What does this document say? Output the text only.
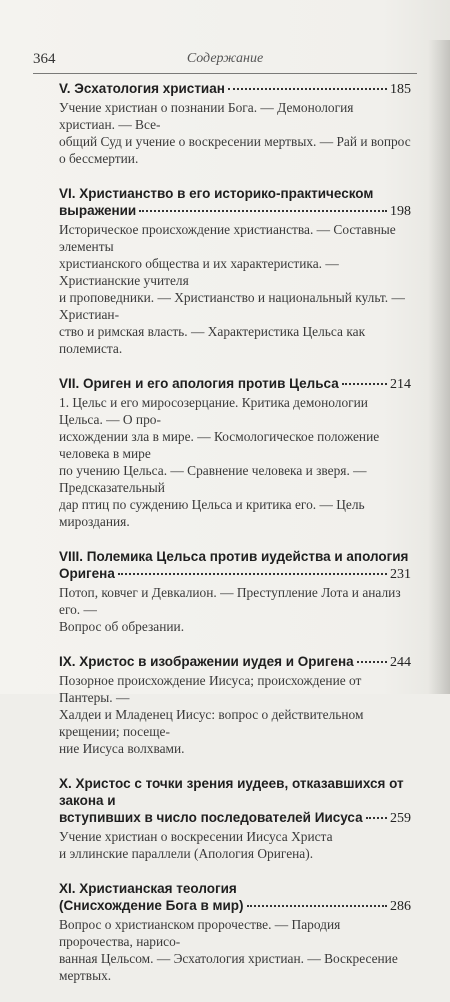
364	Содержание
V. Эсхатология христиан	185
Учение христиан о познании Бога. — Демонология христиан. — Все-
общий Суд и учение о воскресении мертвых. — Рай и вопрос о бессмертии.
VI. Христианство в его историко-практическом
выражении	198
Историческое происхождение христианства. — Составные элементы
христианского общества и их характеристика. — Христианские учителя
и проповедники. — Христианство и национальный культ. — Христиан-
ство и римская власть. — Характеристика Цельса как полемиста.
VII. Ориген и его апология против Цельса	214
1. Цельс и его миросозерцание. Критика демонологии Цельса. — О про-
исхождении зла в мире. — Космологическое положение человека в мире
по учению Цельса. — Сравнение человека и зверя. — Предсказательный
дар птиц по суждению Цельса и критика его. — Цель мироздания.
VIII. Полемика Цельса против иудейства и апология
Оригена	231
Потоп, ковчег и Девкалион. — Преступление Лота и анализ его. —
Вопрос об обрезании.
IX. Христос в изображении иудея и Оригена	244
Позорное происхождение Иисуса; происхождение от Пантеры. —
Халдеи и Младенец Иисус: вопрос о действительном крещении; посеще-
ние Иисуса волхвами.
X. Христос с точки зрения иудеев, отказавшихся от закона и
вступивших в число последователей Иисуса 259
Учение христиан о воскресении Иисуса Христа
и эллинские параллели (Апология Оригена).
XI. Христианская теология
(Снисхождение Бога в мир)	286
Вопрос о христианском пророчестве. — Пародия пророчества, нарисо-
ванная Цельсом. — Эсхатология христиан. — Воскресение мертвых.
